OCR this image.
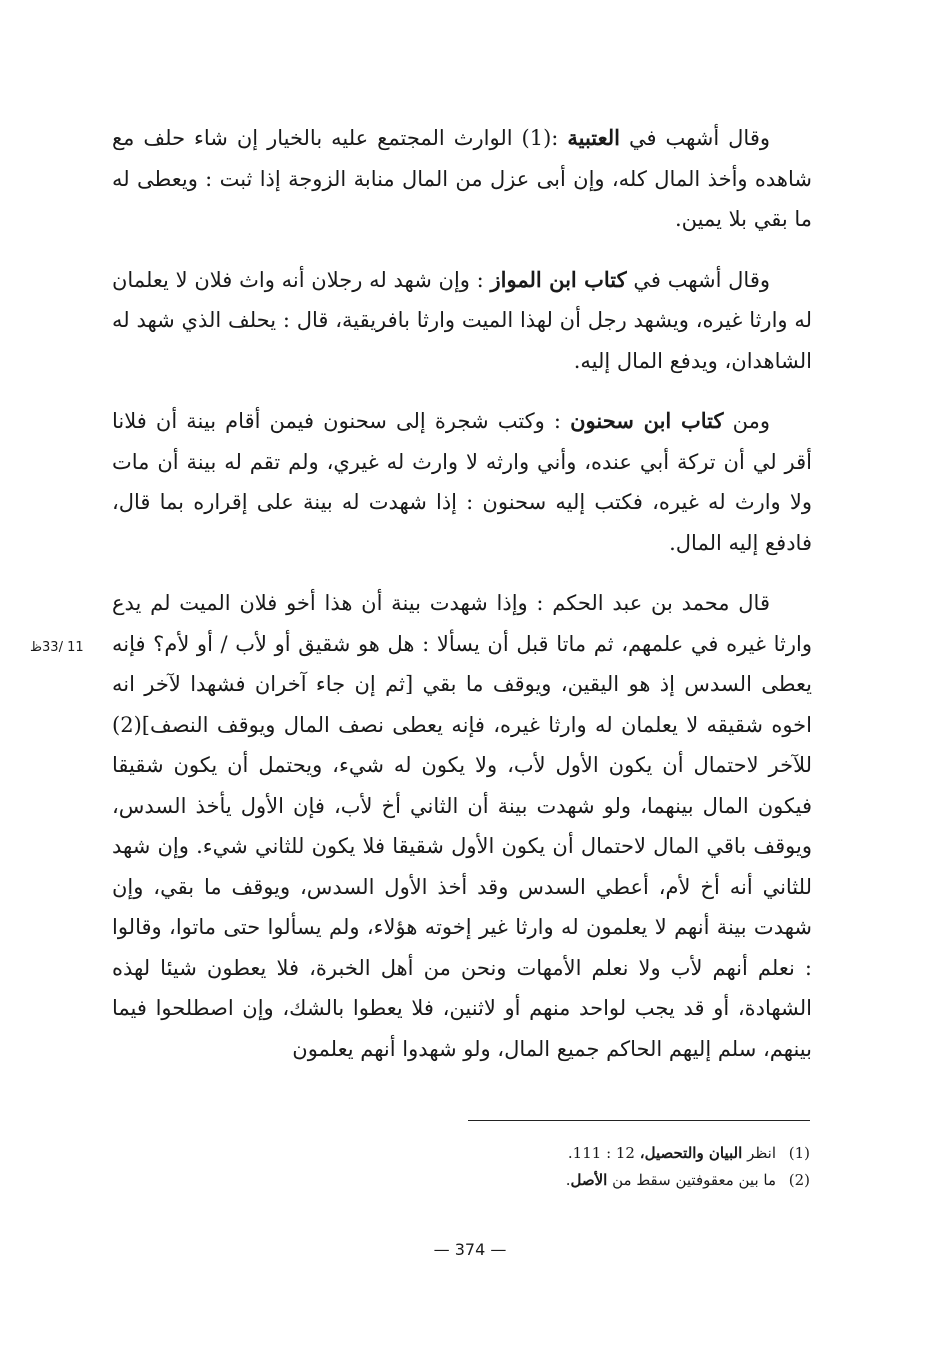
وقال أشهب في العتبية :(1) الوارث المجتمع عليه بالخيار إن شاء حلف مع شاهده وأخذ المال كله، وإن أبى عزل من المال منابة الزوجة إذا ثبت : ويعطى له ما بقي بلا يمين.

وقال أشهب في كتاب ابن المواز : وإن شهد له رجلان أنه واث فلان لا يعلمان له وارثا غيره، ويشهد رجل أن لهذا الميت وارثا بافريقية، قال : يحلف الذي شهد له الشاهدان، ويدفع المال إليه.

ومن كتاب ابن سحنون : وكتب شجرة إلى سحنون فيمن أقام بينة أن فلانا أقر لي أن تركة أبي عنده، وأني وارثه لا وارث له غيري، ولم تقم له بينة أن مات ولا وارث له غيره، فكتب إليه سحنون : إذا شهدت له بينة على إقراره بما قال، فادفع إليه المال.

قال محمد بن عبد الحكم : وإذا شهدت بينة أن هذا أخو فلان الميت لم يدع وارثا غيره في علمهم، ثم ماتا قبل أن يسألا : هل هو شقيق أو لأب / أو لأم؟ فإنه يعطى السدس إذ هو اليقين، ويوقف ما بقي [ثم إن جاء آخران فشهدا لآخر انه اخوه شقيقه لا يعلمان له وارثا غيره، فإنه يعطى نصف المال ويوقف النصف](2) للآخر لاحتمال أن يكون الأول لأب، ولا يكون له شيء، ويحتمل أن يكون شقيقا فيكون المال بينهما، ولو شهدت بينة أن الثاني أخ لأب، فإن الأول يأخذ السدس، ويوقف باقي المال لاحتمال أن يكون الأول شقيقا فلا يكون للثاني شيء. وإن شهد للثاني أنه أخ لأم، أعطي السدس وقد أخذ الأول السدس، ويوقف ما بقي، وإن شهدت بينة أنهم لا يعلمون له وارثا غير إخوته هؤلاء، ولم يسألوا حتى ماتوا، وقالوا : نعلم أنهم لأب ولا نعلم الأمهات ونحن من أهل الخبرة، فلا يعطون شيئا لهذه الشهادة، أو قد يجب لواحد منهم أو لاثنين، فلا يعطوا بالشك، وإن اصطلحوا فيما بينهم، سلم إليهم الحاكم جميع المال، ولو شهدوا أنهم يعلمون

11 /33ظ
(1)انظر البيان والتحصيل، 12 : 111.
(2)ما بين معقوفتين سقط من الأصل.
— 374 —
